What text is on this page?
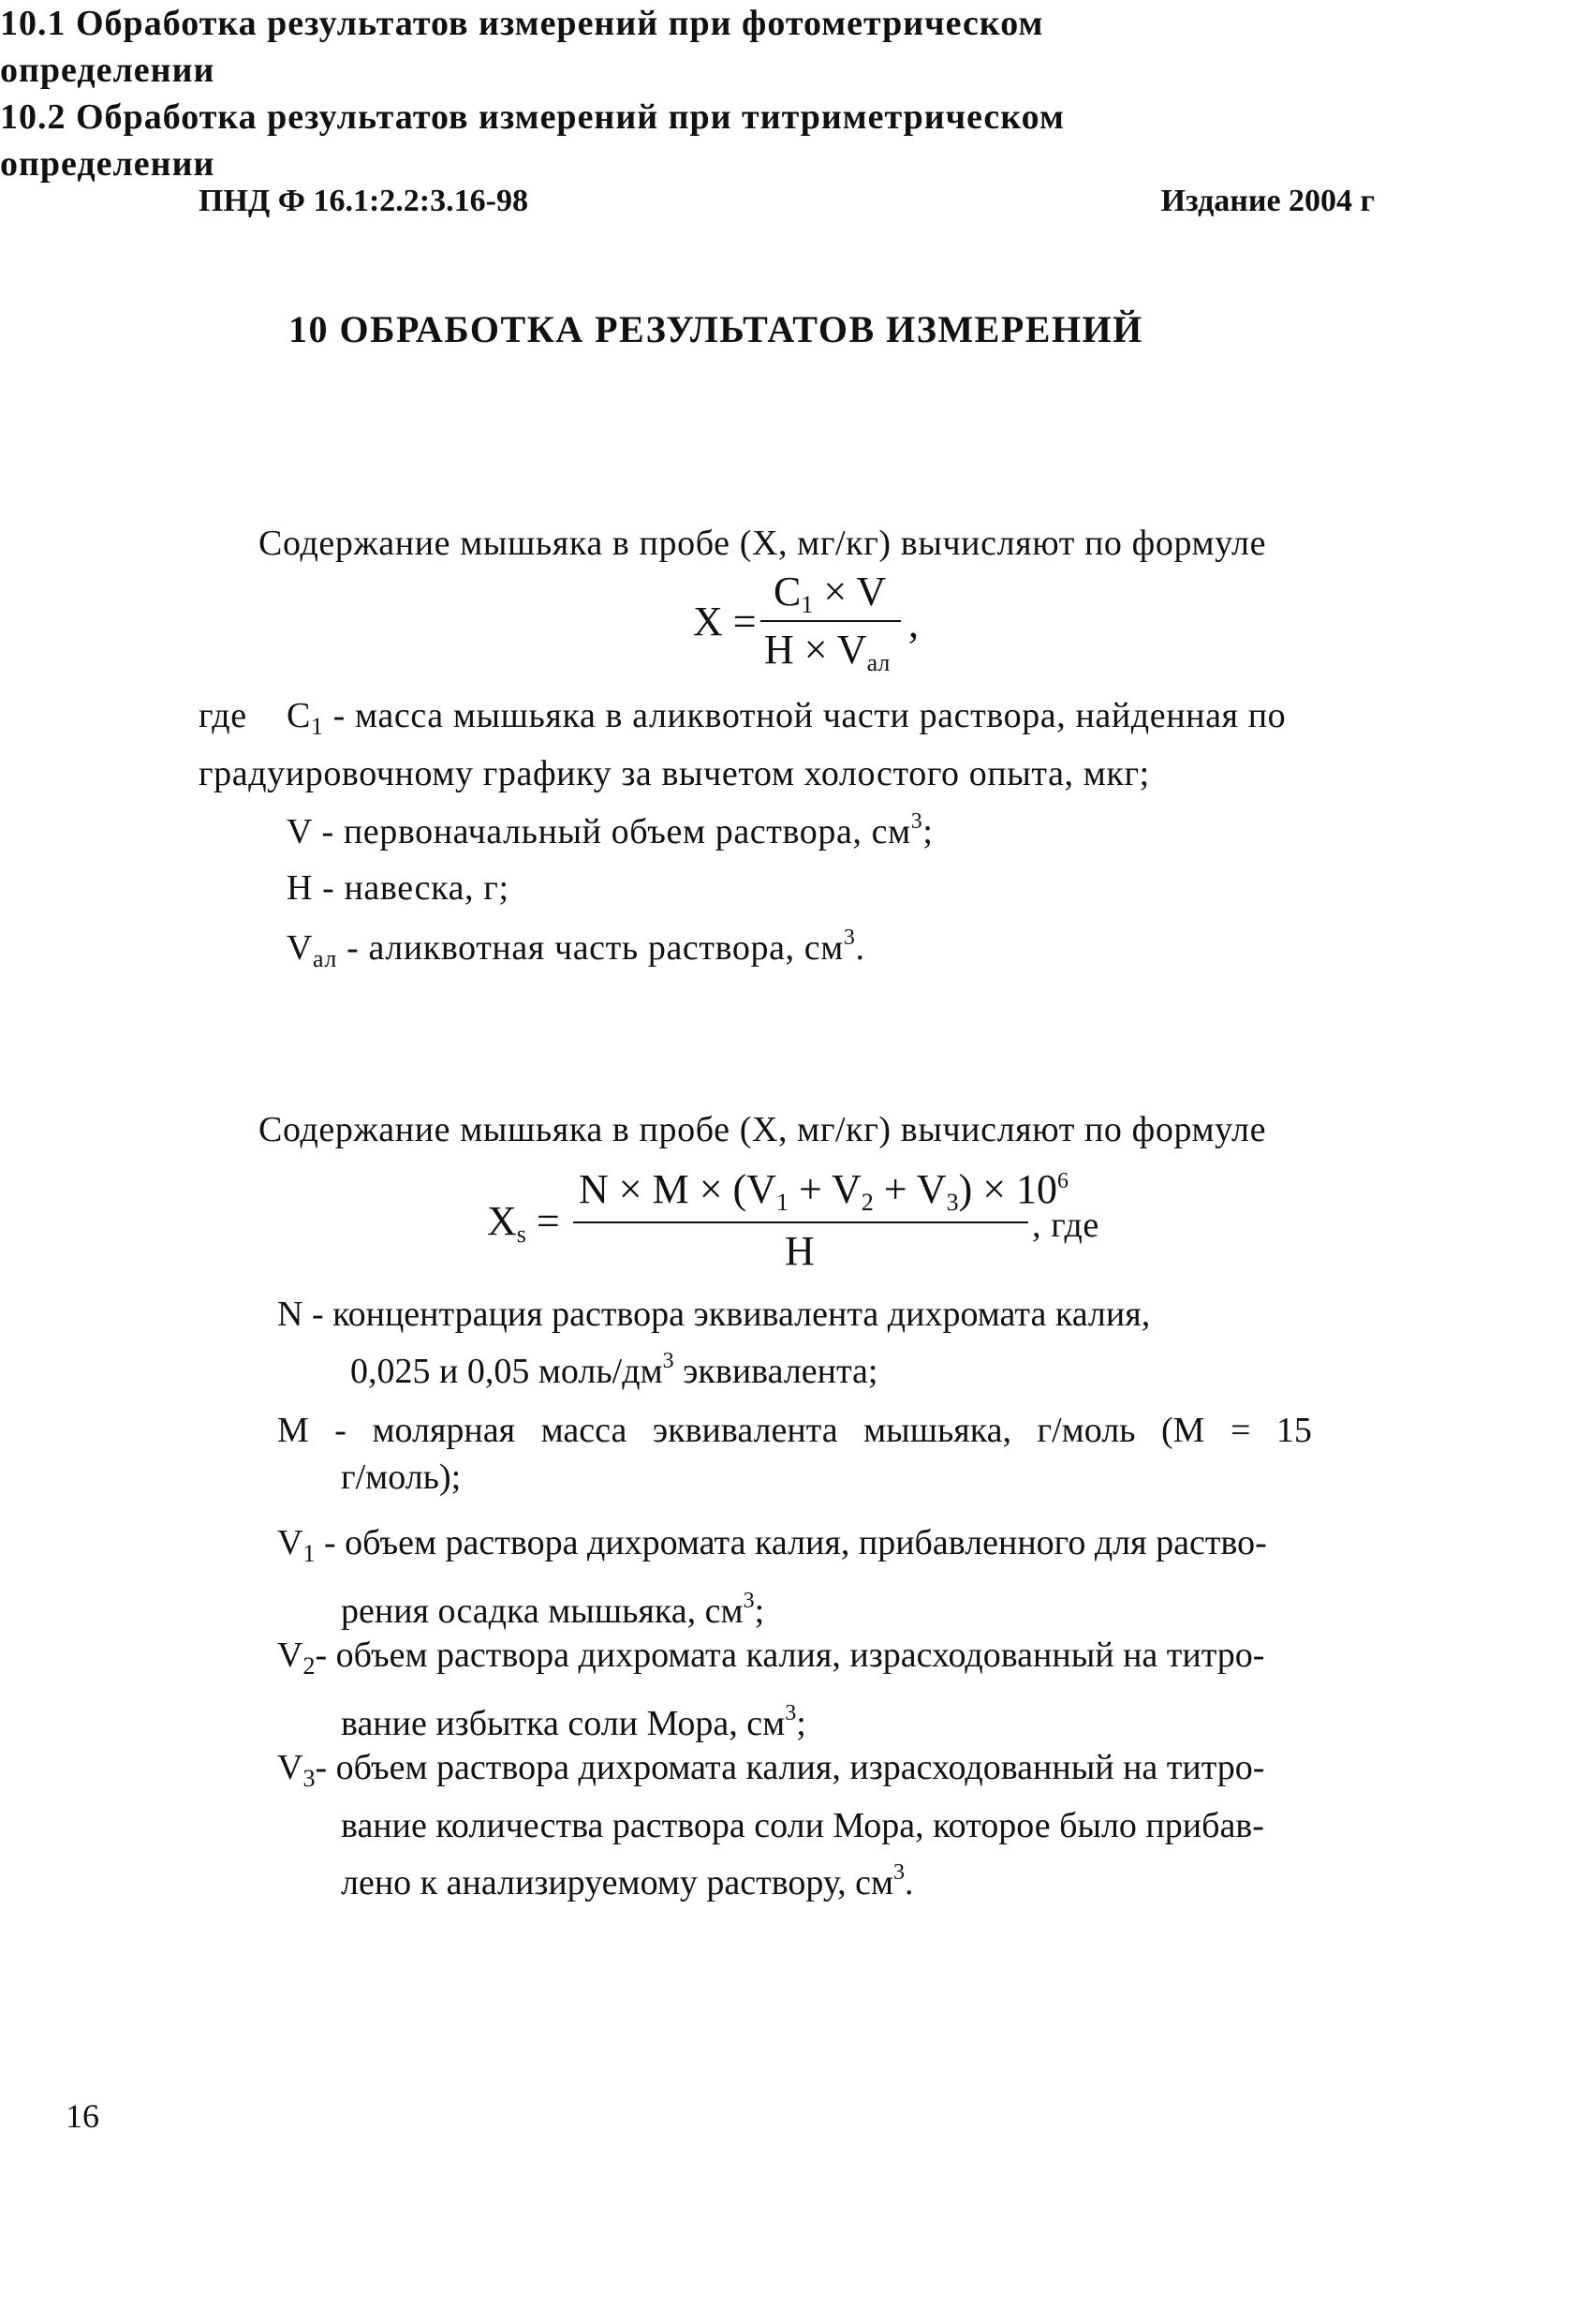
ПНД Ф 16.1:2.2:3.16-98	Издание 2004 г
10 ОБРАБОТКА РЕЗУЛЬТАТОВ ИЗМЕРЕНИЙ
10.1 Обработка результатов измерений при фотометрическом определении
Содержание мышьяка в пробе (X, мг/кг) вычисляют по формуле
X =
$C_1 \times V$
$H \times V_{ал}$
,
где $C_1$ - масса мышьяка в аликвотной части раствора, найденная по
градуировочному графику за вычетом холостого опыта, мкг;
V - первоначальный объем раствора, $см^3$;
H - навеска, г;
$V_{ал}$ - аликвотная часть раствора, $см^3$.
10.2 Обработка результатов измерений при титриметрическом определении
Содержание мышьяка в пробе (X, мг/кг) вычисляют по формуле
$X_s$ =
$N \times M \times (V_1 + V_2 + V_3) \times 10^6$
H
, где
N - концентрация раствора эквивалента дихромата калия,
0,025 и 0,05 моль/$дм^3$ эквивалента;
M - молярная масса эквивалента мышьяка, г/моль (M = 15
г/моль);
$V_1$ - объем раствора дихромата калия, прибавленного для раство-
рения осадка мышьяка, $см^3$;
$V_2-$ объем раствора дихромата калия, израсходованный на титро-
вание избытка соли Мора, $см^3$;
$V_3-$ объем раствора дихромата калия, израсходованный на титро-
вание количества раствора соли Мора, которое было прибав-
лено к анализируемому раствору, $см^3$.
16
